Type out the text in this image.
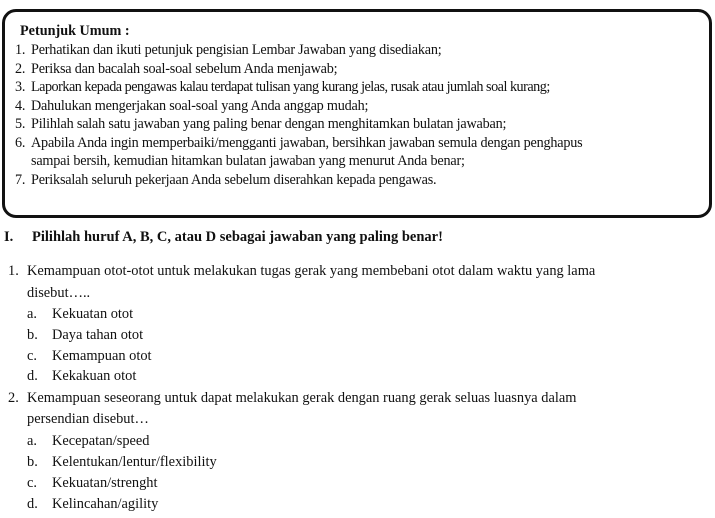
Petunjuk Umum :
1. Perhatikan dan ikuti petunjuk pengisian Lembar Jawaban yang disediakan;
2. Periksa dan bacalah soal-soal sebelum Anda menjawab;
3. Laporkan kepada pengawas kalau terdapat tulisan yang kurang jelas, rusak atau jumlah soal kurang;
4. Dahulukan mengerjakan soal-soal yang Anda anggap mudah;
5. Pilihlah salah satu jawaban yang paling benar dengan menghitamkan bulatan jawaban;
6. Apabila Anda ingin memperbaiki/mengganti jawaban, bersihkan jawaban semula dengan penghapus
sampai bersih, kemudian hitamkan bulatan jawaban yang menurut Anda benar;
7. Periksalah seluruh pekerjaan Anda sebelum diserahkan kepada pengawas.
I. Pilihlah huruf A, B, C, atau D sebagai jawaban yang paling benar!
1. Kemampuan otot-otot untuk melakukan tugas gerak yang membebani otot dalam waktu yang lama
disebut…..
a. Kekuatan otot
b. Daya tahan otot
c. Kemampuan otot
d. Kekakuan otot
2. Kemampuan seseorang untuk dapat melakukan gerak dengan ruang gerak seluas luasnya dalam
persendian disebut…
a. Kecepatan/speed
b. Kelentukan/lentur/flexibility
c. Kekuatan/strenght
d. Kelincahan/agility
